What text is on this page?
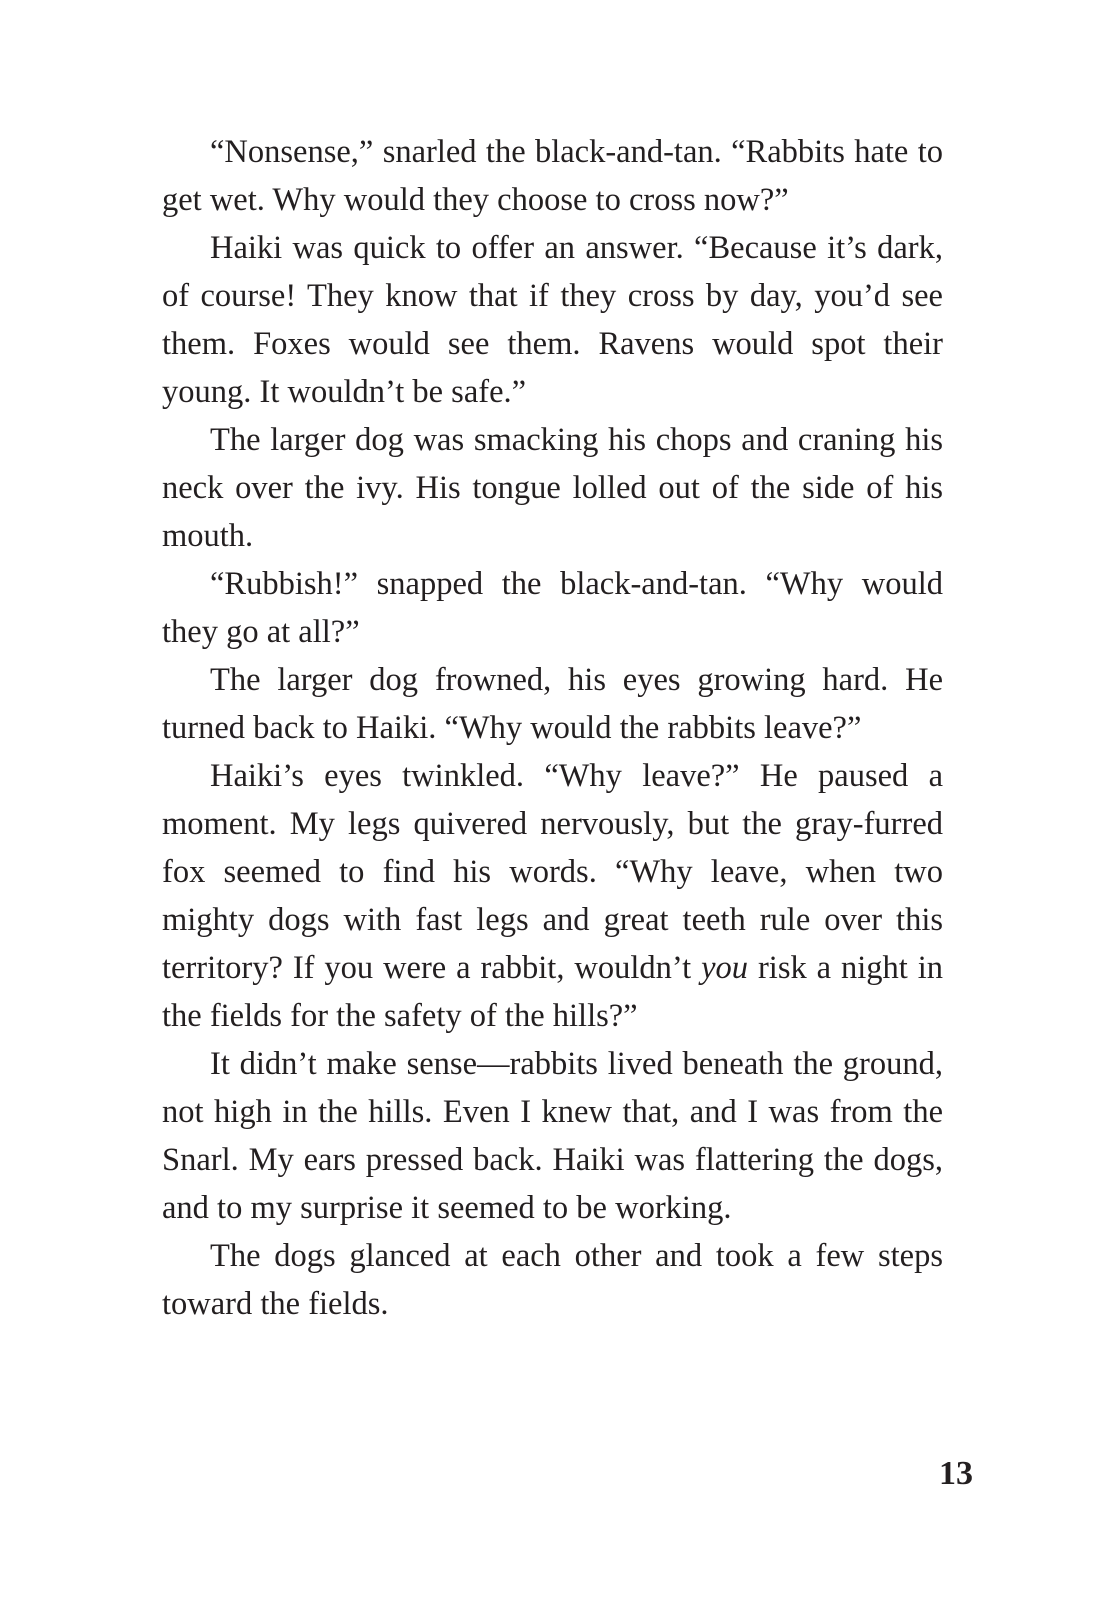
“Nonsense,” snarled the black-and-tan. “Rabbits hate to get wet. Why would they choose to cross now?”

Haiki was quick to offer an answer. “Because it’s dark, of course! They know that if they cross by day, you’d see them. Foxes would see them. Ravens would spot their young. It wouldn’t be safe.”

The larger dog was smacking his chops and craning his neck over the ivy. His tongue lolled out of the side of his mouth.

“Rubbish!” snapped the black-and-tan. “Why would they go at all?”

The larger dog frowned, his eyes growing hard. He turned back to Haiki. “Why would the rabbits leave?”

Haiki’s eyes twinkled. “Why leave?” He paused a moment. My legs quivered nervously, but the gray-furred fox seemed to find his words. “Why leave, when two mighty dogs with fast legs and great teeth rule over this territory? If you were a rabbit, wouldn’t you risk a night in the fields for the safety of the hills?”

It didn’t make sense—rabbits lived beneath the ground, not high in the hills. Even I knew that, and I was from the Snarl. My ears pressed back. Haiki was flattering the dogs, and to my surprise it seemed to be working.

The dogs glanced at each other and took a few steps toward the fields.

13
